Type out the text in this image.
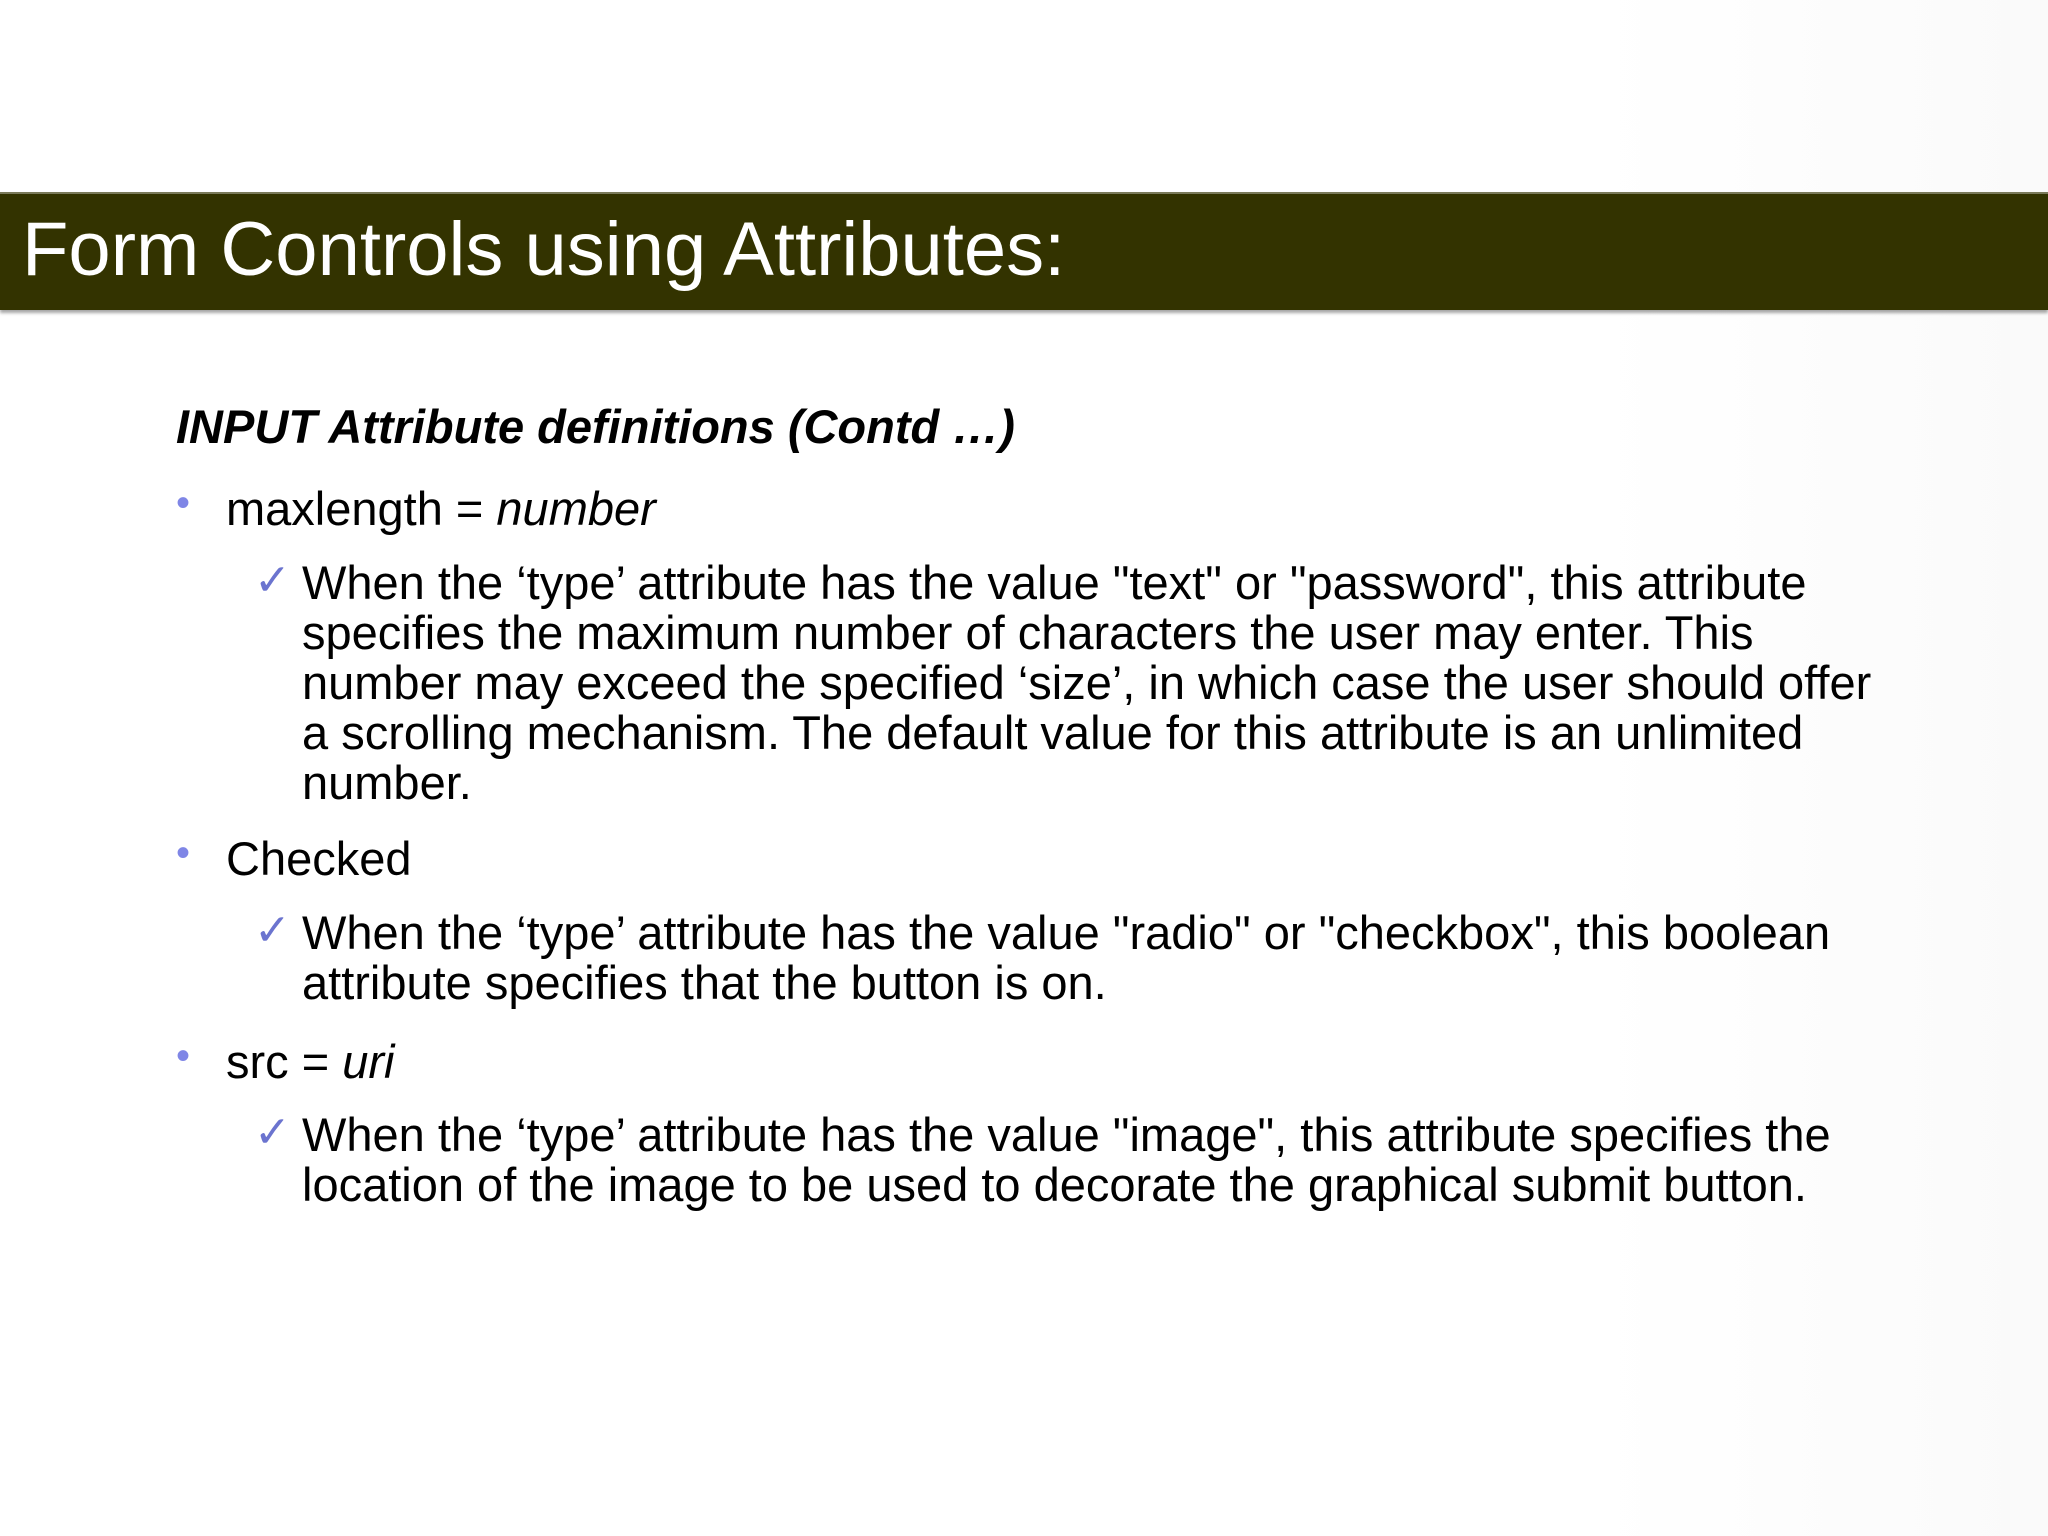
Form Controls using Attributes:
INPUT Attribute definitions (Contd …)
• maxlength = number
✓ When the ‘type’ attribute has the value "text" or "password", this attribute specifies the maximum number of characters the user may enter. This number may exceed the specified ‘size’, in which case the user should offer a scrolling mechanism. The default value for this attribute is an unlimited number.
• Checked
✓ When the ‘type’ attribute has the value "radio" or "checkbox", this boolean attribute specifies that the button is on.
• src = uri
✓ When the ‘type’ attribute has the value "image", this attribute specifies the location of the image to be used to decorate the graphical submit button.
